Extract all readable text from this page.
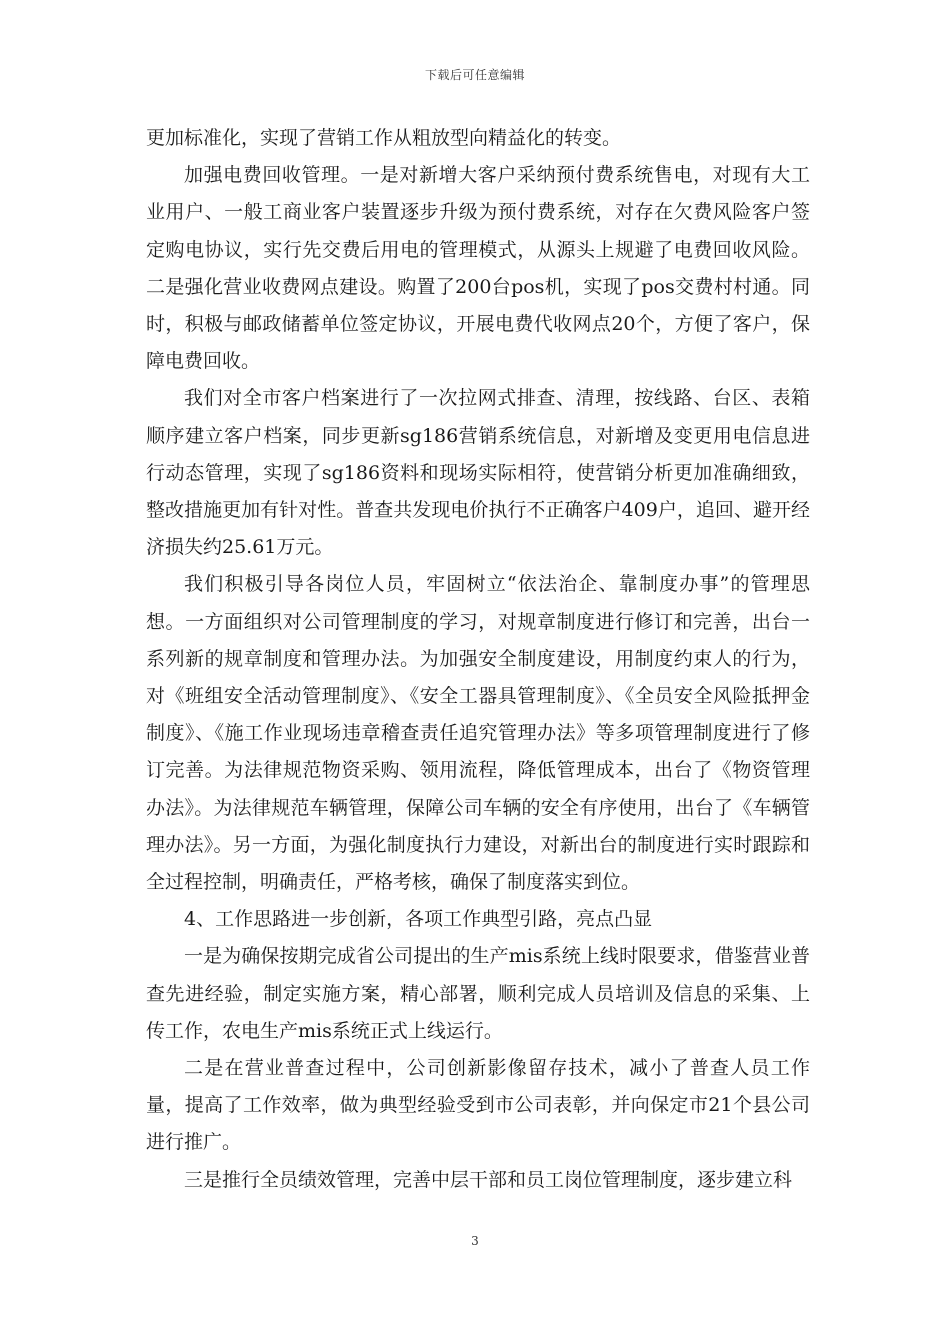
下载后可任意编辑

更加标准化，实现了营销工作从粗放型向精益化的转变。

加强电费回收管理。一是对新增大客户采纳预付费系统售电，对现有大工业用户、一般工商业客户装置逐步升级为预付费系统，对存在欠费风险客户签定购电协议，实行先交费后用电的管理模式，从源头上规避了电费回收风险。二是强化营业收费网点建设。购置了200台pos机，实现了pos交费村村通。同时，积极与邮政储蓄单位签定协议，开展电费代收网点20个，方便了客户，保障电费回收。

我们对全市客户档案进行了一次拉网式排查、清理，按线路、台区、表箱顺序建立客户档案，同步更新sg186营销系统信息，对新增及变更用电信息进行动态管理，实现了sg186资料和现场实际相符，使营销分析更加准确细致，整改措施更加有针对性。普查共发现电价执行不正确客户409户，追回、避开经济损失约25.61万元。

我们积极引导各岗位人员，牢固树立“依法治企、靠制度办事”的管理思想。一方面组织对公司管理制度的学习，对规章制度进行修订和完善，出台一系列新的规章制度和管理办法。为加强安全制度建设，用制度约束人的行为，对《班组安全活动管理制度》、《安全工器具管理制度》、《全员安全风险抵押金制度》、《施工作业现场违章稽查责任追究管理办法》等多项管理制度进行了修订完善。为法律规范物资采购、领用流程，降低管理成本，出台了《物资管理办法》。为法律规范车辆管理，保障公司车辆的安全有序使用，出台了《车辆管理办法》。另一方面，为强化制度执行力建设，对新出台的制度进行实时跟踪和全过程控制，明确责任，严格考核，确保了制度落实到位。

4、工作思路进一步创新，各项工作典型引路，亮点凸显

一是为确保按期完成省公司提出的生产mis系统上线时限要求，借鉴营业普查先进经验，制定实施方案，精心部署，顺利完成人员培训及信息的采集、上传工作，农电生产mis系统正式上线运行。

二是在营业普查过程中，公司创新影像留存技术，减小了普查人员工作量，提高了工作效率，做为典型经验受到市公司表彰，并向保定市21个县公司进行推广。

三是推行全员绩效管理，完善中层干部和员工岗位管理制度，逐步建立科

3
